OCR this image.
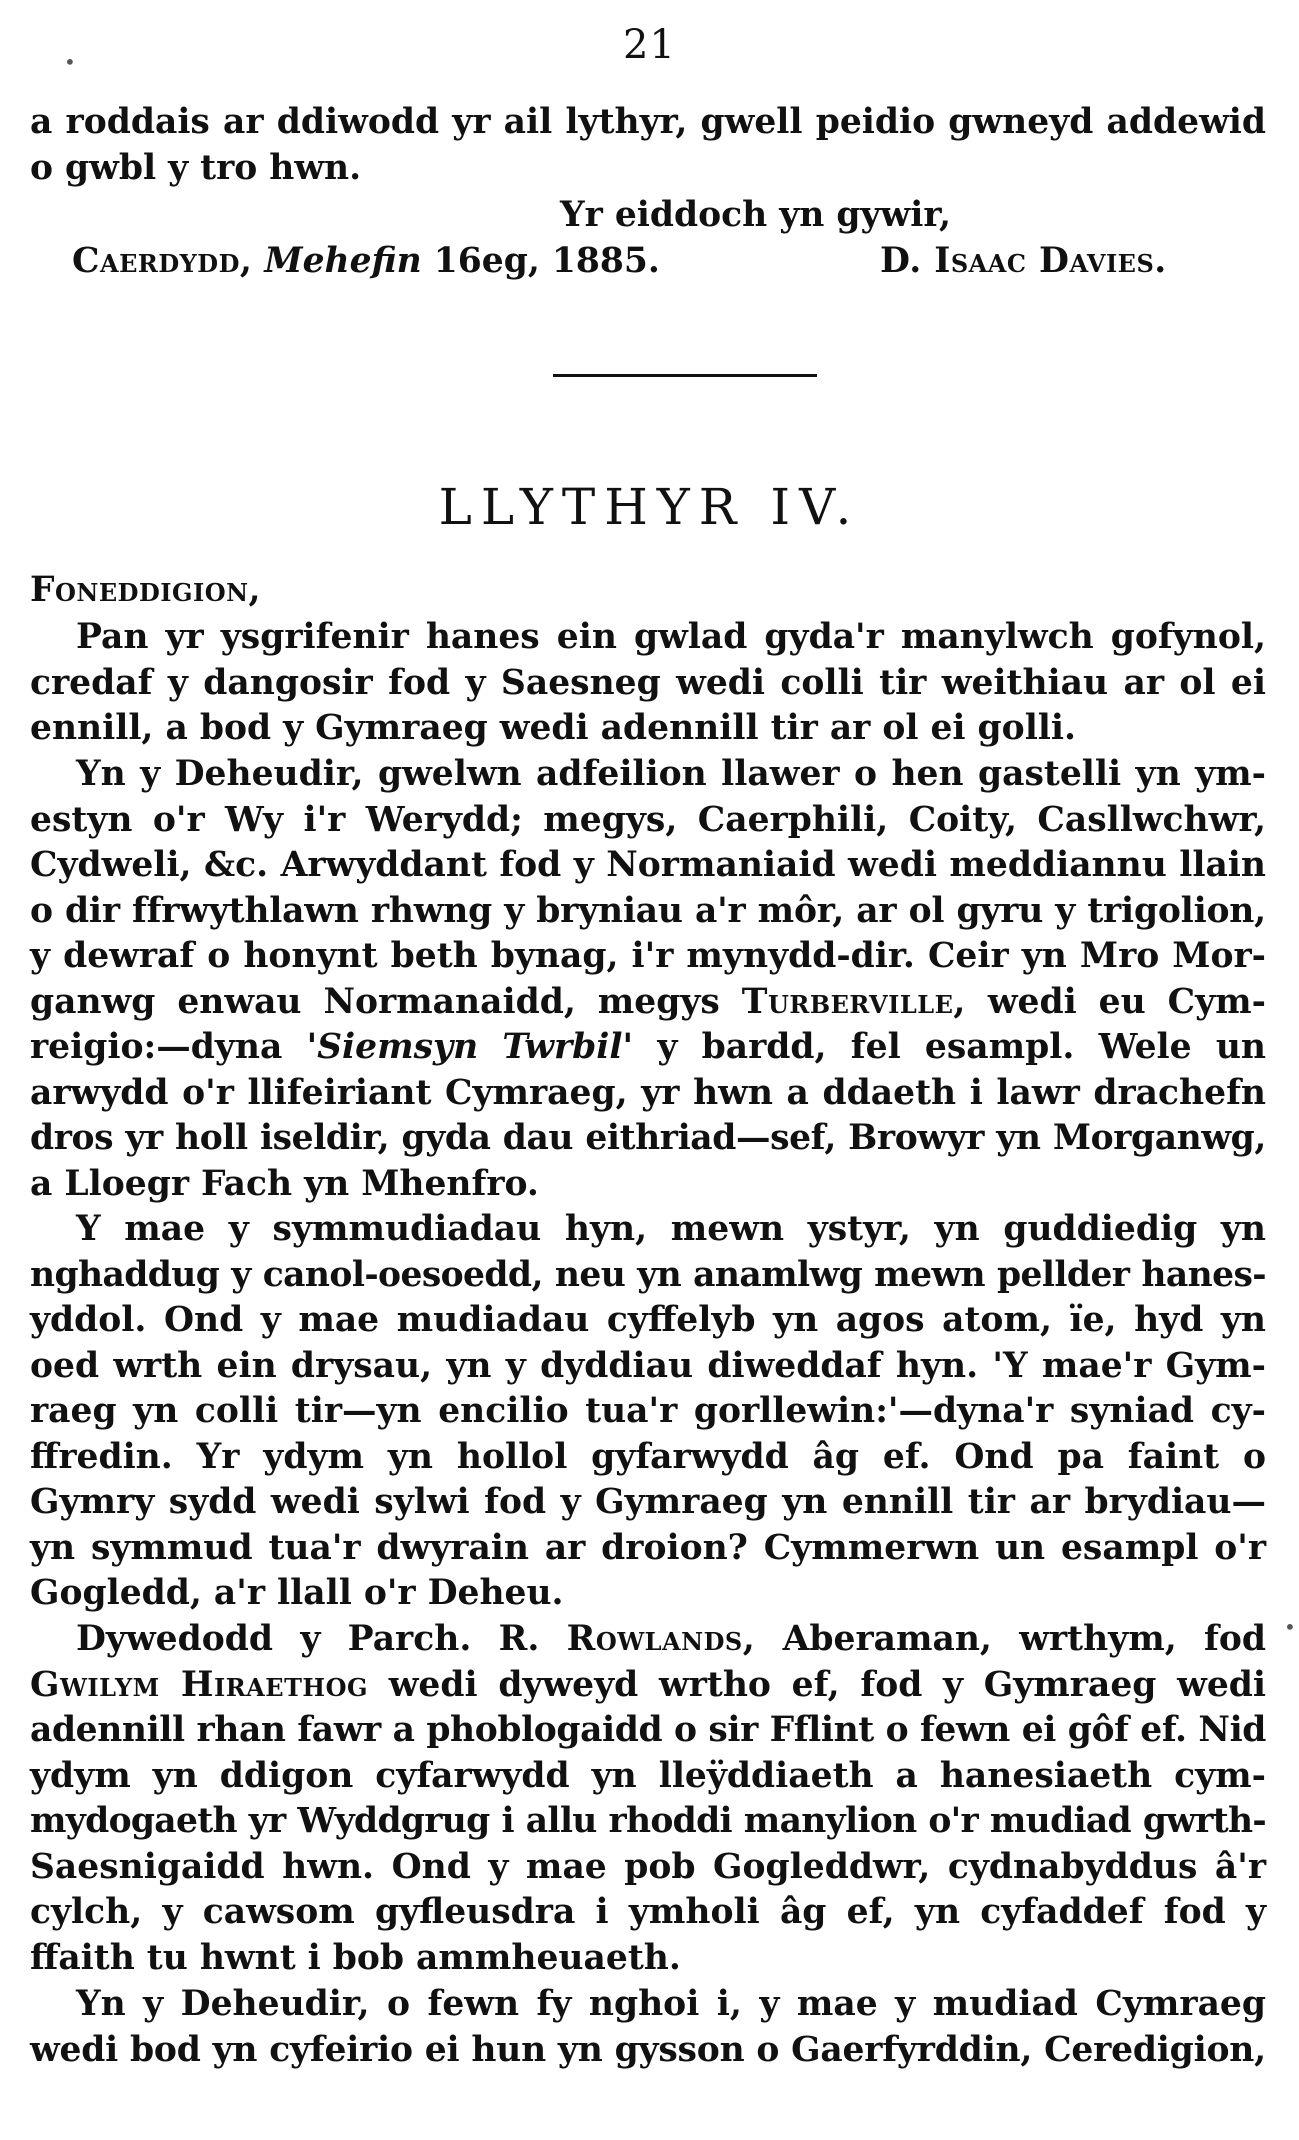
•	21
a roddais ar ddiwodd yr ail lythyr, gwell peidio gwneyd addewid
o gwbl y tro hwn.
Yr eiddoch yn gywir,
Caerdydd, Mehefin 16eg, 1885.	D. Isaac Davies.
LLYTHYR IV.
Foneddigion,
Pan yr ysgrifenir hanes ein gwlad gyda'r manylwch gofynol,
credaf y dangosir fod y Saesneg wedi colli tir weithiau ar ol ei
ennill, a bod y Gymraeg wedi adennill tir ar ol ei golli.
Yn y Deheudir, gwelwn adfeilion llawer o hen gastelli yn ym-
estyn o'r Wy i'r Werydd; megys, Caerphili, Coity, Casllwchwr,
Cydweli, &c. Arwyddant fod y Normaniaid wedi meddiannu llain
o dir ffrwythlawn rhwng y bryniau a'r môr, ar ol gyru y trigolion,
y dewraf o honynt beth bynag, i'r mynydd-dir. Ceir yn Mro Mor-
ganwg enwau Normanaidd, megys Turberville, wedi eu Cym-
reigio:—dyna 'Siemsyn Twrbil' y bardd, fel esampl. Wele un
arwydd o'r llifeiriant Cymraeg, yr hwn a ddaeth i lawr drachefn
dros yr holl iseldir, gyda dau eithriad—sef, Browyr yn Morganwg,
a Lloegr Fach yn Mhenfro.
Y mae y symmudiadau hyn, mewn ystyr, yn guddiedig yn
nghaddug y canol-oesoedd, neu yn anamlwg mewn pellder hanes-
yddol. Ond y mae mudiadau cyffelyb yn agos atom, ïe, hyd yn
oed wrth ein drysau, yn y dyddiau diweddaf hyn. 'Y mae'r Gym-
raeg yn colli tir—yn encilio tua'r gorllewin:'—dyna'r syniad cy-
ffredin. Yr ydym yn hollol gyfarwydd âg ef. Ond pa faint o
Gymry sydd wedi sylwi fod y Gymraeg yn ennill tir ar brydiau—
yn symmud tua'r dwyrain ar droion? Cymmerwn un esampl o'r
Gogledd, a'r llall o'r Deheu.
Dywedodd y Parch. R. Rowlands, Aberaman, wrthym, fod
Gwilym Hiraethog wedi dyweyd wrtho ef, fod y Gymraeg wedi
adennill rhan fawr a phoblogaidd o sir Fflint o fewn ei gôf ef. Nid
ydym yn ddigon cyfarwydd yn lleÿddiaeth a hanesiaeth cym-
mydogaeth yr Wyddgrug i allu rhoddi manylion o'r mudiad gwrth-
Saesnigaidd hwn. Ond y mae pob Gogleddwr, cydnabyddus â'r
cylch, y cawsom gyfleusdra i ymholi âg ef, yn cyfaddef fod y
ffaith tu hwnt i bob ammheuaeth.
Yn y Deheudir, o fewn fy nghoi i, y mae y mudiad Cymraeg
wedi bod yn cyfeirio ei hun yn gysson o Gaerfyrddin, Ceredigion,
•
